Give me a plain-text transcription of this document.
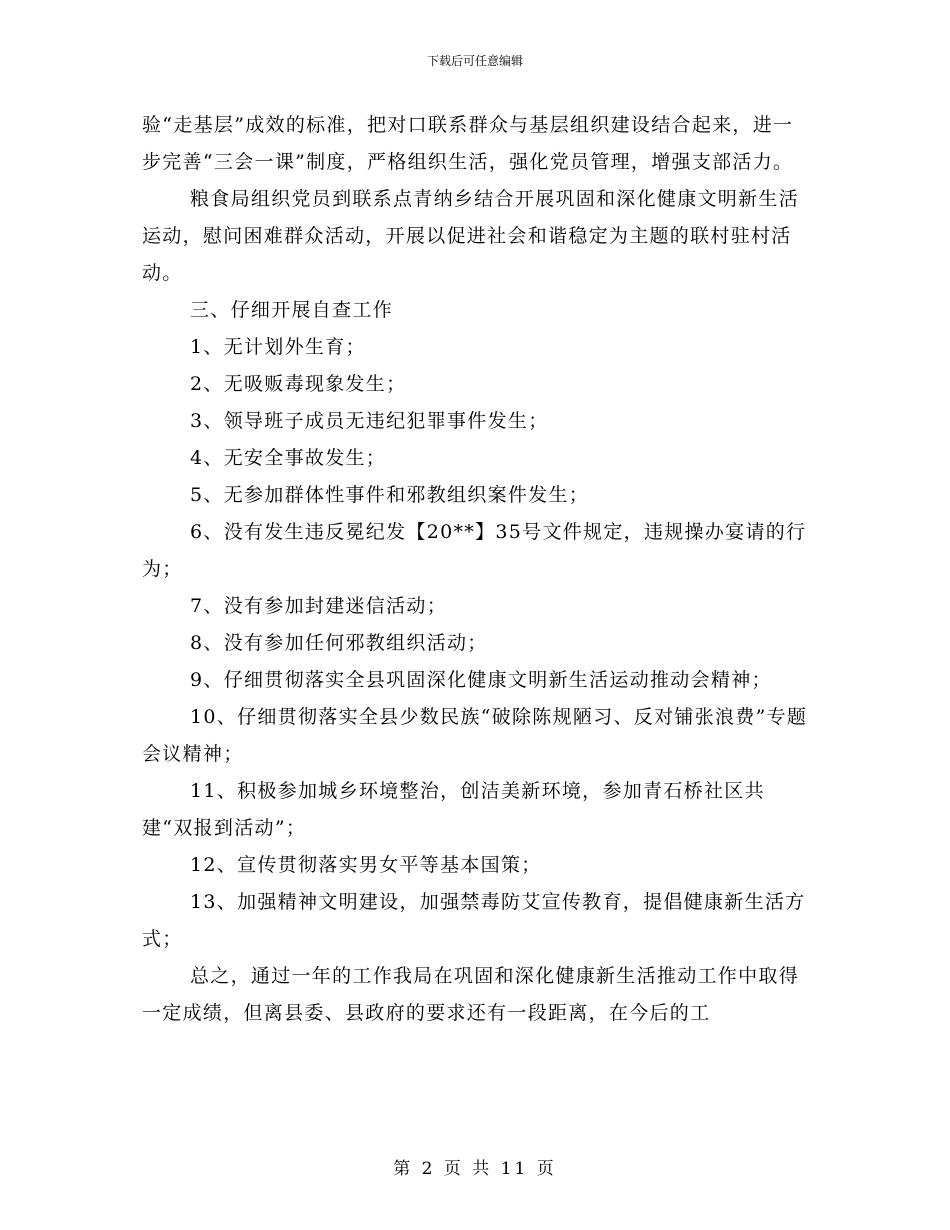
下载后可任意编辑

验“走基层”成效的标准，把对口联系群众与基层组织建设结合起来，进一步完善“三会一课”制度，严格组织生活，强化党员管理，增强支部活力。

粮食局组织党员到联系点青纳乡结合开展巩固和深化健康文明新生活运动，慰问困难群众活动，开展以促进社会和谐稳定为主题的联村驻村活动。

三、仔细开展自查工作

1、无计划外生育；

2、无吸贩毒现象发生；

3、领导班子成员无违纪犯罪事件发生；

4、无安全事故发生；

5、无参加群体性事件和邪教组织案件发生；

6、没有发生违反冕纪发【20**】35号文件规定，违规操办宴请的行为；

7、没有参加封建迷信活动；

8、没有参加任何邪教组织活动；

9、仔细贯彻落实全县巩固深化健康文明新生活运动推动会精神；

10、仔细贯彻落实全县少数民族“破除陈规陋习、反对铺张浪费”专题会议精神；

11、积极参加城乡环境整治，创洁美新环境，参加青石桥社区共建“双报到活动”；

12、宣传贯彻落实男女平等基本国策；

13、加强精神文明建设，加强禁毒防艾宣传教育，提倡健康新生活方式；

总之，通过一年的工作我局在巩固和深化健康新生活推动工作中取得一定成绩，但离县委、县政府的要求还有一段距离，在今后的工

第 2 页 共 11 页
